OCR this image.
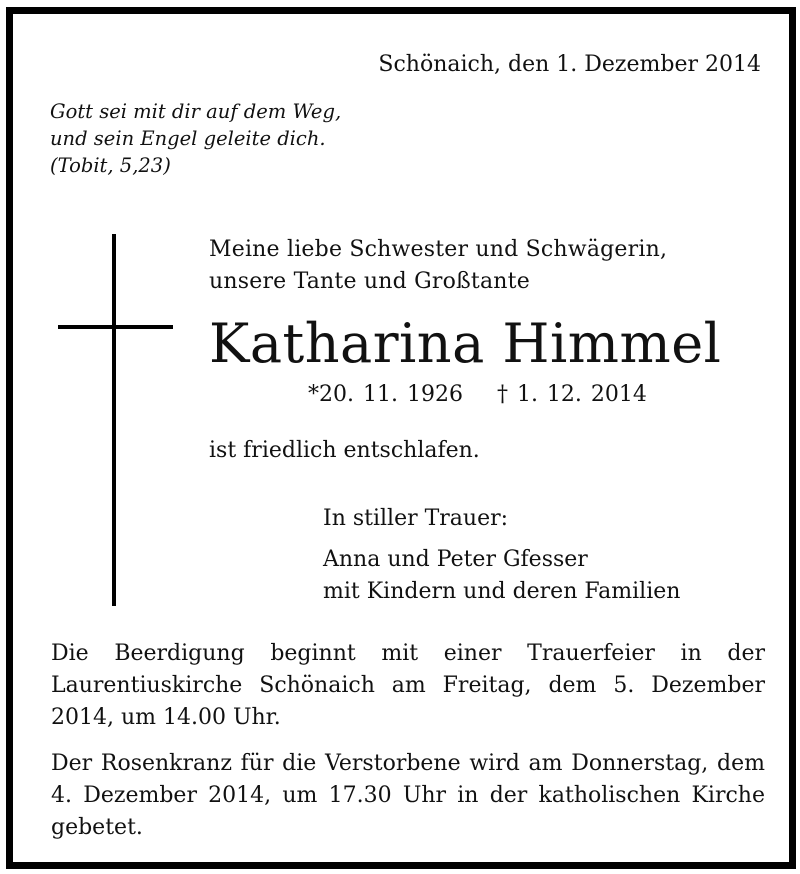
Schönaich, den 1. Dezember 2014
Gott sei mit dir auf dem Weg,
und sein Engel geleite dich.
(Tobit, 5,23)
Meine liebe Schwester und Schwägerin,
unsere Tante und Großtante
Katharina Himmel
*20. 11. 1926 † 1. 12. 2014
ist friedlich entschlafen.
In stiller Trauer:
Anna und Peter Gfesser
mit Kindern und deren Familien
Die Beerdigung beginnt mit einer Trauerfeier in der Laurentiuskirche Schönaich am Freitag, dem 5. Dezember 2014, um 14.00 Uhr.
Der Rosenkranz für die Verstorbene wird am Donnerstag, dem 4. Dezember 2014, um 17.30 Uhr in der katholischen Kirche gebetet.
